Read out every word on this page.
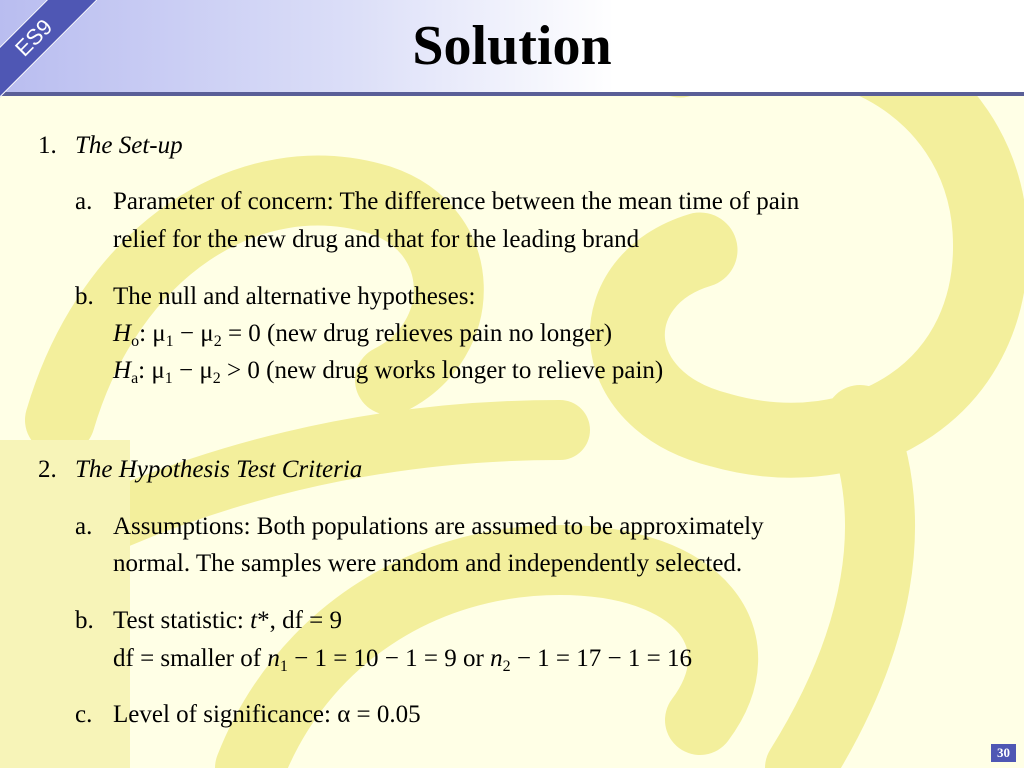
ES9	Solution
1. The Set-up
a. Parameter of concern: The difference between the mean time of pain
relief for the new drug and that for the leading brand
b. The null and alternative hypotheses:
$H_o$: $\mu_1 - \mu_2 = 0$ (new drug relieves pain no longer)
$H_a$: $\mu_1 - \mu_2 > 0$ (new drug works longer to relieve pain)
2. The Hypothesis Test Criteria
a. Assumptions: Both populations are assumed to be approximately
normal. The samples were random and independently selected.
b. Test statistic: t*, df = 9
df = smaller of $n_1 - 1 = 10 - 1 = 9$ or $n_2 - 1 = 17 - 1 = 16$
c. Level of significance: α = 0.05
30
